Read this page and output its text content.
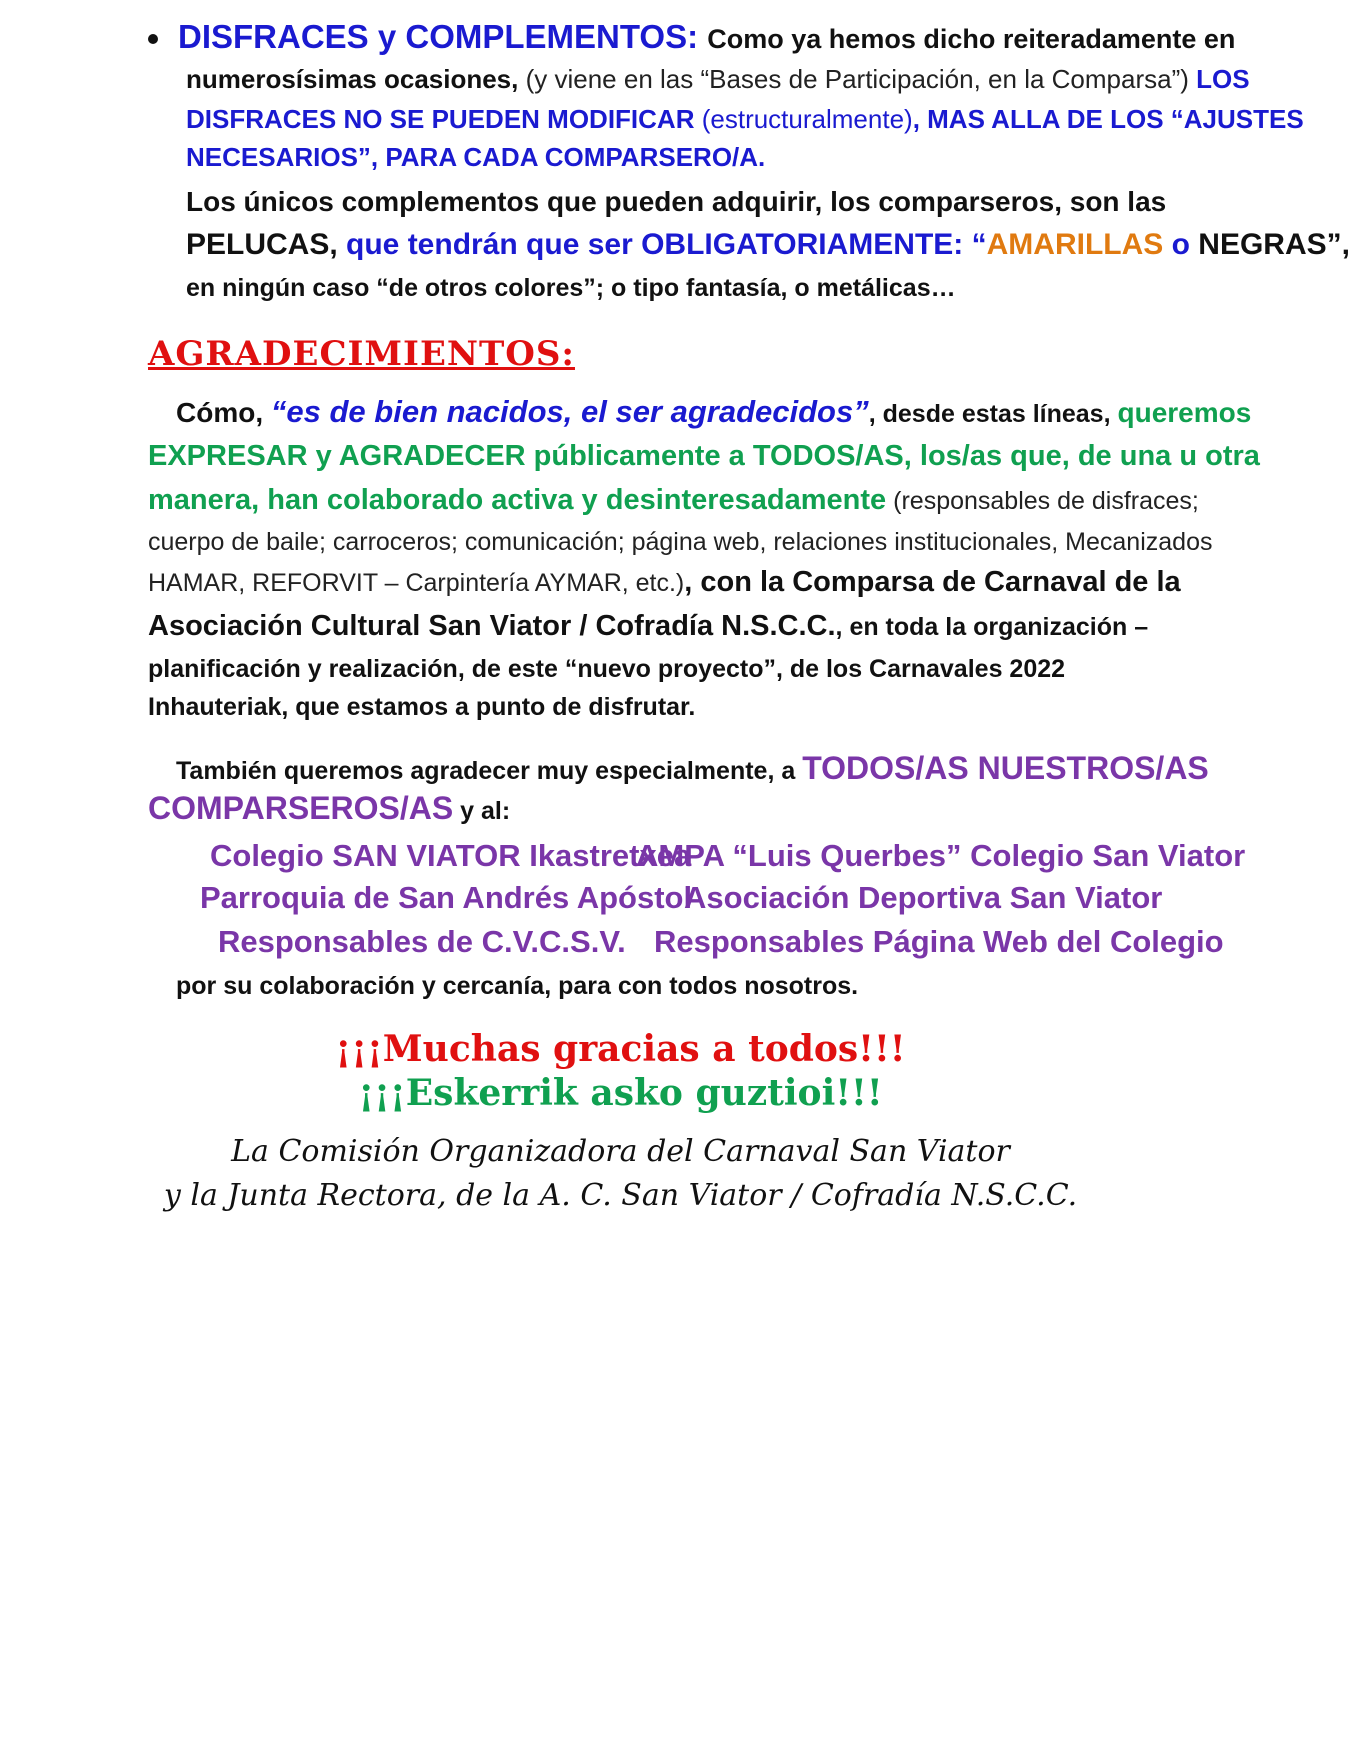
DISFRACES y COMPLEMENTOS: Como ya hemos dicho reiteradamente en
numerosísimas ocasiones, (y viene en las “Bases de Participación, en la Comparsa”) LOS
DISFRACES NO SE PUEDEN MODIFICAR (estructuralmente), MAS ALLA DE LOS “AJUSTES
NECESARIOS”, PARA CADA COMPARSERO/A.
Los únicos complementos que pueden adquirir, los comparseros, son las
PELUCAS, que tendrán que ser OBLIGATORIAMENTE: “AMARILLAS o NEGRAS”,
en ningún caso “de otros colores”; o tipo fantasía, o metálicas…
AGRADECIMIENTOS:
Cómo, “es de bien nacidos, el ser agradecidos”, desde estas líneas, queremos
EXPRESAR y AGRADECER públicamente a TODOS/AS, los/as que, de una u otra
manera, han colaborado activa y desinteresadamente (responsables de disfraces;
cuerpo de baile; carroceros; comunicación; página web, relaciones institucionales, Mecanizados
HAMAR, REFORVIT – Carpintería AYMAR, etc.), con la Comparsa de Carnaval de la
Asociación Cultural San Viator / Cofradía N.S.C.C., en toda la organización –
planificación y realización, de este “nuevo proyecto”, de los Carnavales 2022
Inhauteriak, que estamos a punto de disfrutar.
También queremos agradecer muy especialmente, a TODOS/AS NUESTROS/AS
COMPARSEROS/AS y al:
Colegio SAN VIATOR Ikastretxea
AMPA “Luis Querbes” Colegio San Viator
Parroquia de San Andrés Apóstol
Asociación Deportiva San Viator
Responsables de C.V.C.S.V. Responsables Página Web del Colegio
por su colaboración y cercanía, para con todos nosotros.
¡¡¡Muchas gracias a todos!!!
¡¡¡Eskerrik asko guztioi!!!
La Comisión Organizadora del Carnaval San Viator
y la Junta Rectora, de la A. C. San Viator / Cofradía N.S.C.C.
